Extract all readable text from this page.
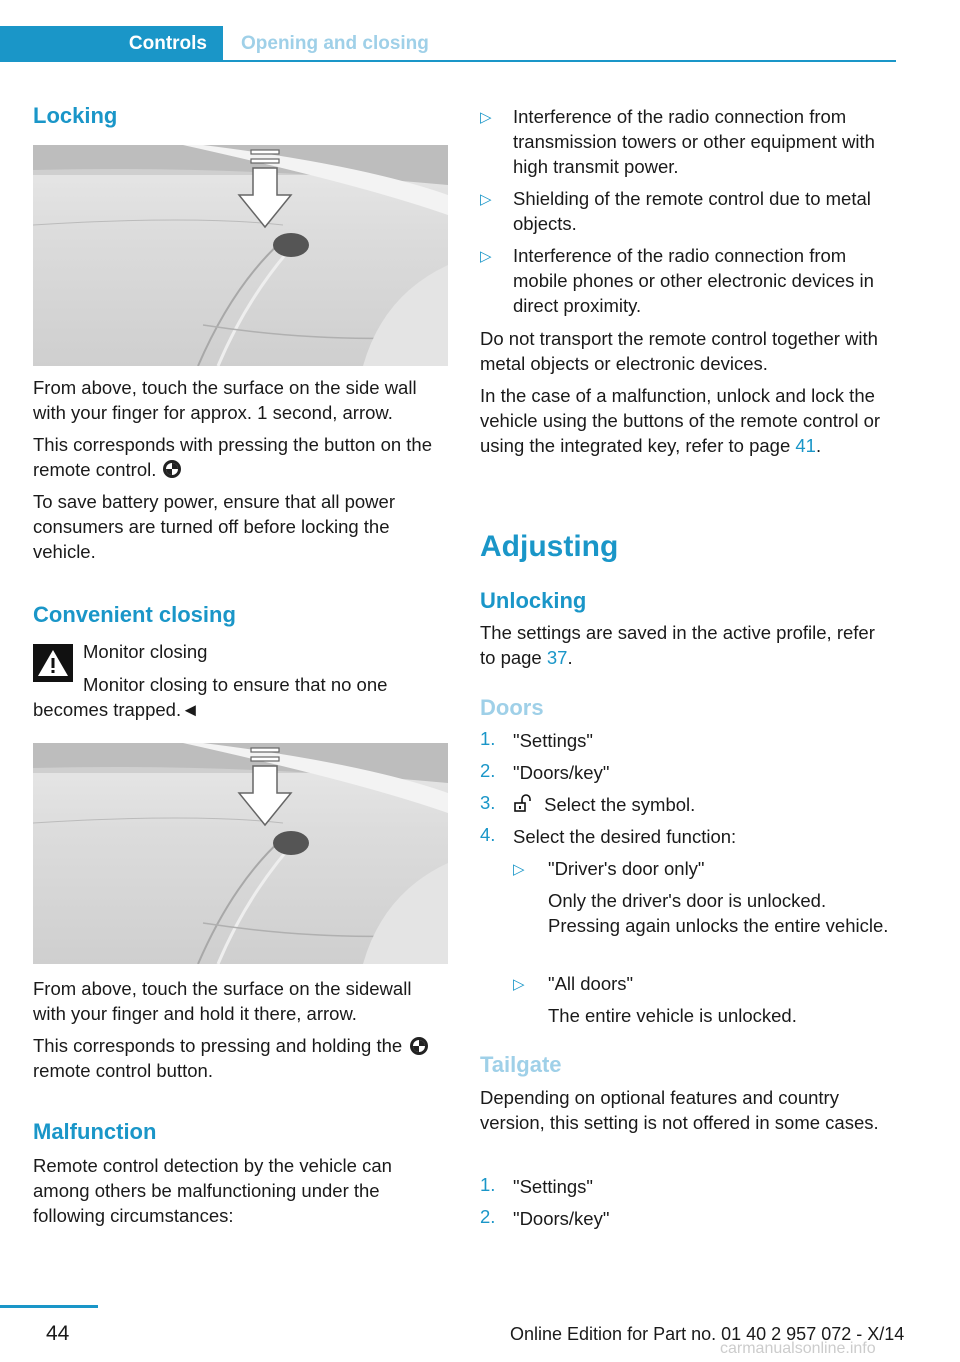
Controls	Opening and closing
Locking
From above, touch the surface on the side wall with your finger for approx. 1 second, arrow.
This corresponds with pressing the button on the remote control.
To save battery power, ensure that all power consumers are turned off before locking the vehicle.
Convenient closing
Monitor closing
Monitor closing to ensure that no one
becomes trapped.◄
From above, touch the surface on the sidewall with your finger and hold it there, arrow.
This corresponds to pressing and holding the remote control button.
Malfunction
Remote control detection by the vehicle can among others be malfunctioning under the following circumstances:
▷ Interference of the radio connection from transmission towers or other equipment with high transmit power.
▷ Shielding of the remote control due to metal objects.
▷ Interference of the radio connection from mobile phones or other electronic devices in direct proximity.
Do not transport the remote control together with metal objects or electronic devices.
In the case of a malfunction, unlock and lock the vehicle using the buttons of the remote control or using the integrated key, refer to page 41.
Adjusting
Unlocking
The settings are saved in the active profile, refer to page 37.
Doors
1. "Settings"
2. "Doors/key"
3.	Select the symbol.
4. Select the desired function:
▷ "Driver's door only"
Only the driver's door is unlocked. Pressing again unlocks the entire vehicle.
▷ "All doors"
The entire vehicle is unlocked.
Tailgate
Depending on optional features and country version, this setting is not offered in some cases.
1. "Settings"
2. "Doors/key"
44	Online Edition for Part no. 01 40 2 957 072 - X/14
carmanualsonline.info
